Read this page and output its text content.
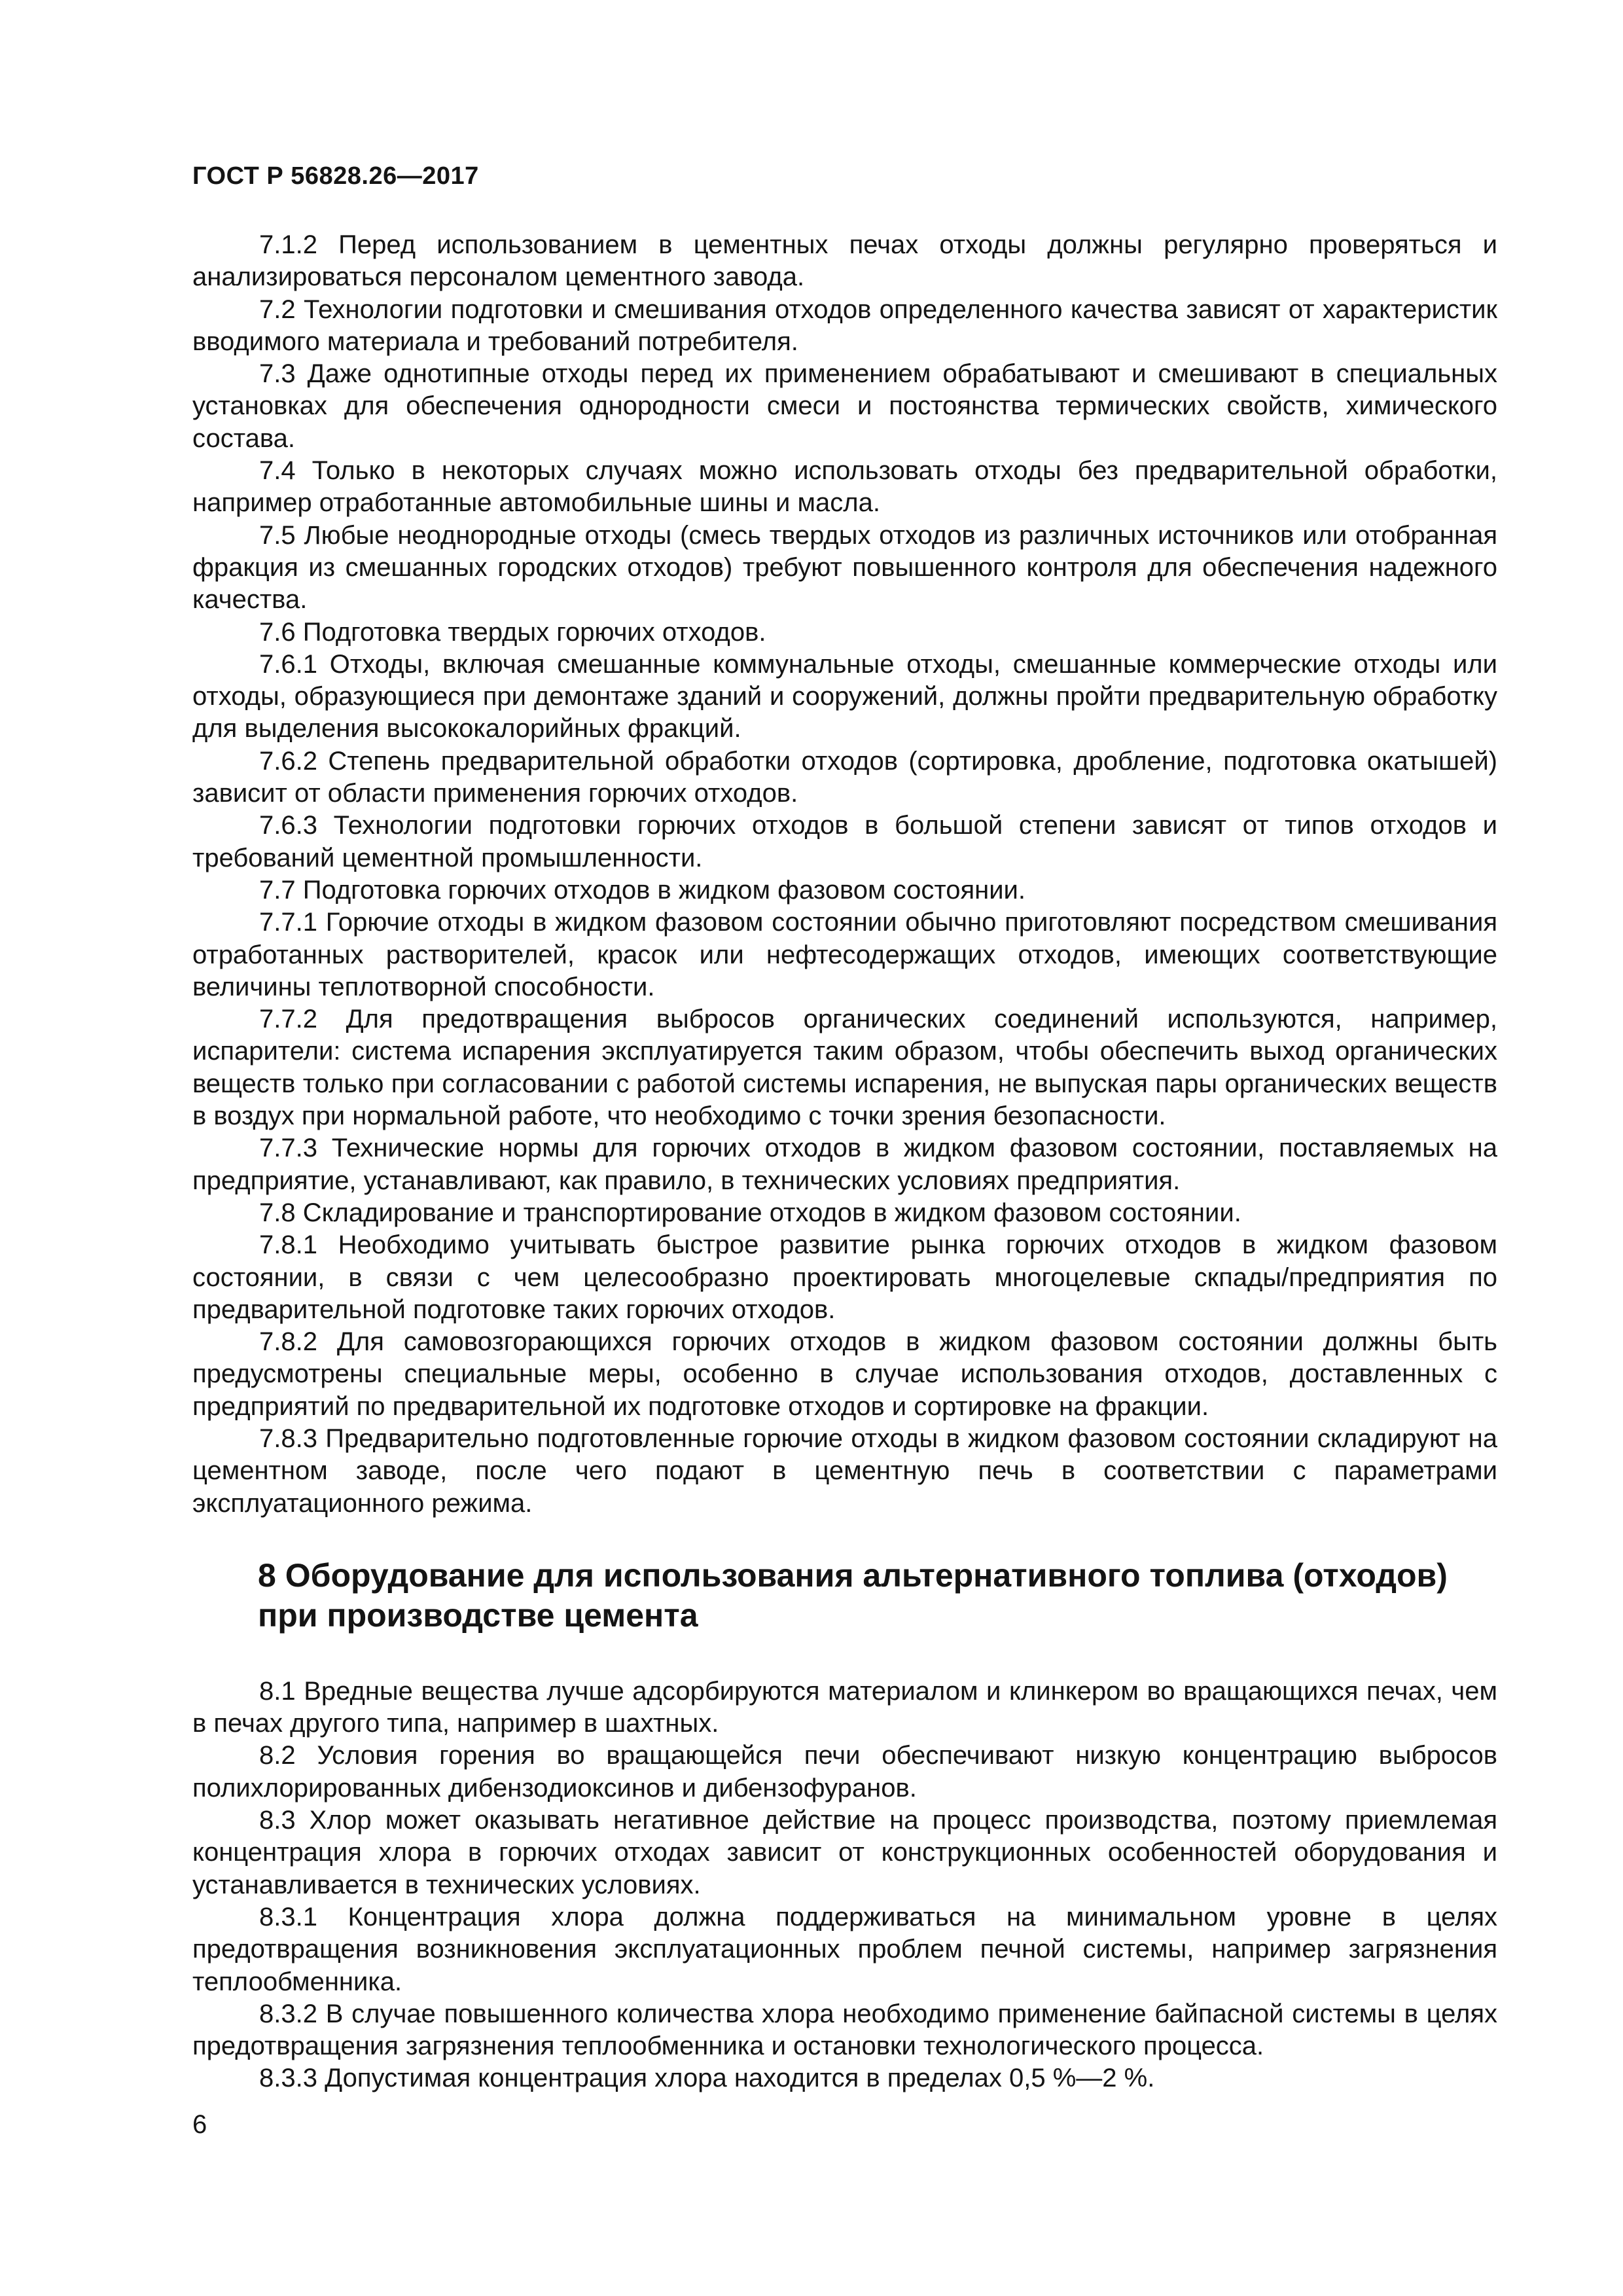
ГОСТ Р 56828.26—2017

7.1.2 Перед использованием в цементных печах отходы должны регулярно проверяться и анализироваться персоналом цементного завода.

7.2 Технологии подготовки и смешивания отходов определенного качества зависят от характеристик вводимого материала и требований потребителя.

7.3 Даже однотипные отходы перед их применением обрабатывают и смешивают в специальных установках для обеспечения однородности смеси и постоянства термических свойств, химического состава.

7.4 Только в некоторых случаях можно использовать отходы без предварительной обработки, например отработанные автомобильные шины и масла.

7.5 Любые неоднородные отходы (смесь твердых отходов из различных источников или отобранная фракция из смешанных городских отходов) требуют повышенного контроля для обеспечения надежного качества.

7.6 Подготовка твердых горючих отходов.

7.6.1 Отходы, включая смешанные коммунальные отходы, смешанные коммерческие отходы или отходы, образующиеся при демонтаже зданий и сооружений, должны пройти предварительную обработку для выделения высококалорийных фракций.

7.6.2 Степень предварительной обработки отходов (сортировка, дробление, подготовка окатышей) зависит от области применения горючих отходов.

7.6.3 Технологии подготовки горючих отходов в большой степени зависят от типов отходов и требований цементной промышленности.

7.7 Подготовка горючих отходов в жидком фазовом состоянии.

7.7.1 Горючие отходы в жидком фазовом состоянии обычно приготовляют посредством смешивания отработанных растворителей, красок или нефтесодержащих отходов, имеющих соответствующие величины теплотворной способности.

7.7.2 Для предотвращения выбросов органических соединений используются, например, испарители: система испарения эксплуатируется таким образом, чтобы обеспечить выход органических веществ только при согласовании с работой системы испарения, не выпуская пары органических веществ в воздух при нормальной работе, что необходимо с точки зрения безопасности.

7.7.3 Технические нормы для горючих отходов в жидком фазовом состоянии, поставляемых на предприятие, устанавливают, как правило, в технических условиях предприятия.

7.8 Складирование и транспортирование отходов в жидком фазовом состоянии.

7.8.1 Необходимо учитывать быстрое развитие рынка горючих отходов в жидком фазовом состоянии, в связи с чем целесообразно проектировать многоцелевые скпады/предприятия по предварительной подготовке таких горючих отходов.

7.8.2 Для самовозгорающихся горючих отходов в жидком фазовом состоянии должны быть предусмотрены специальные меры, особенно в случае использования отходов, доставленных с предприятий по предварительной их подготовке отходов и сортировке на фракции.

7.8.3 Предварительно подготовленные горючие отходы в жидком фазовом состоянии складируют на цементном заводе, после чего подают в цементную печь в соответствии с параметрами эксплуатационного режима.

8 Оборудование для использования альтернативного топлива (отходов) при производстве цемента

8.1 Вредные вещества лучше адсорбируются материалом и клинкером во вращающихся печах, чем в печах другого типа, например в шахтных.

8.2 Условия горения во вращающейся печи обеспечивают низкую концентрацию выбросов полихлорированных дибензодиоксинов и дибензофуранов.

8.3 Хлор может оказывать негативное действие на процесс производства, поэтому приемлемая концентрация хлора в горючих отходах зависит от конструкционных особенностей оборудования и устанавливается в технических условиях.

8.3.1 Концентрация хлора должна поддерживаться на минимальном уровне в целях предотвращения возникновения эксплуатационных проблем печной системы, например загрязнения теплообменника.

8.3.2 В случае повышенного количества хлора необходимо применение байпасной системы в целях предотвращения загрязнения теплообменника и остановки технологического процесса.

8.3.3 Допустимая концентрация хлора находится в пределах 0,5 %—2 %.

6
